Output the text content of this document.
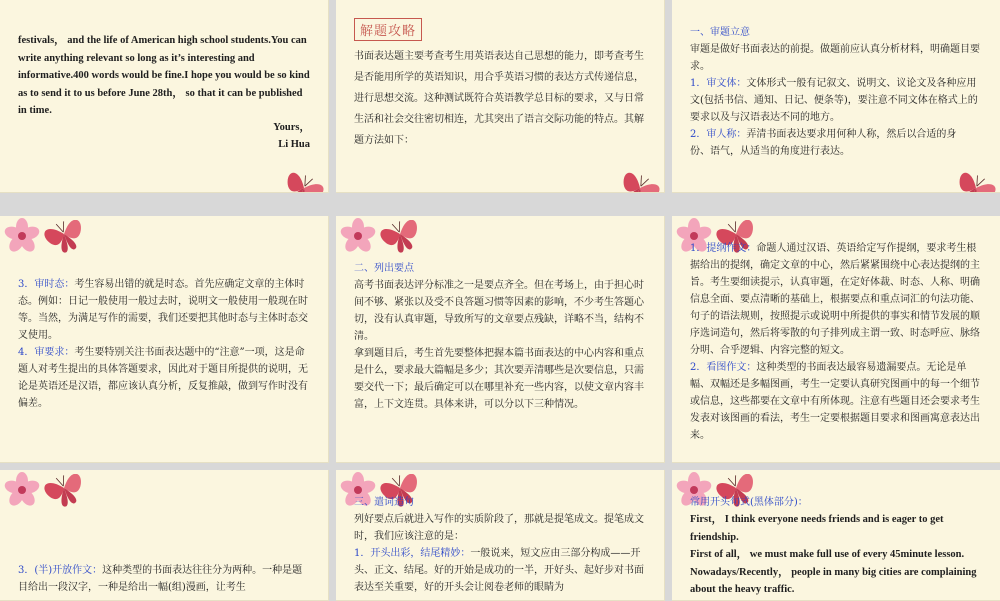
festivals， and the life of American high school students.You can write anything relevant so long as it’s interesting and informative.400 words would be fine.I hope you would be so kind as to send it to us before June 28th， so that it can be published in time.
Yours，
Li Hua
解题攻略
书面表达题主要考查考生用英语表达自己思想的能力，即考查考生是否能用所学的英语知识，用合乎英语习惯的表达方式传递信息，进行思想交流。这种测试既符合英语教学总目标的要求，又与日常生活和社会交往密切相连，尤其突出了语言交际功能的特点。其解题方法如下：
一、审题立意
审题是做好书面表达的前提。做题前应认真分析材料，明确题目要求。
1．审文体：文体形式一般有记叙文、说明文、议论文及各种应用文(包括书信、通知、日记、便条等)，要注意不同文体在格式上的要求以及与汉语表达不同的地方。
2．审人称：弄清书面表达要求用何种人称，然后以合适的身
份、语气，从适当的角度进行表达。
3．审时态：考生容易出错的就是时态。首先应确定文章的主体时态。例如：日记一般使用一般过去时，说明文一般使用一般现在时等。当然，为满足写作的需要，我们还要把其他时态与主体时态交叉使用。
4．审要求：考生要特别关注书面表达题中的“注意”一项，这是命题人对考生提出的具体答题要求，因此对于题目所提供的说明，无论是英语还是汉语，都应该认真分析，反复推敲，做到写作时没有偏差。
二、列出要点
高考书面表达评分标准之一是要点齐全。但在考场上，由于担心时间不够、紧张以及受不良答题习惯等因素的影响，不少考生答题心切，没有认真审题，导致所写的文章要点残缺，详略不当，结构不清。
拿到题目后，考生首先要整体把握本篇书面表达的中心内容和重点是什么，要求最大篇幅是多少；其次要弄清哪些是次要信息，只需要交代一下；最后确定可以在哪里补充一些内容，以使文章内容丰富，上下文连贯。具体来讲，可以分以下三种情况。
1．提纲作文：命题人通过汉语、英语给定写作提纲，要求考生根据给出的提纲，确定文章的中心，然后紧紧围绕中心表达提纲的主旨。考生要细读提示，认真审题，在定好体裁、时态、人称、明确信息全面、要点清晰的基础上，根据要点和重点词汇的句法功能、句子的语法规则，按照提示或说明中所提供的事实和情节发展的顺序选词造句，然后将零散的句子排列成主谓一致、时态呼应、脉络分明、合乎逻辑、内容完整的短文。
2．看图作文：这种类型的书面表达最容易遗漏要点。无论是单幅、双幅还是多幅图画，考生一定要认真研究图画中的每一个细节或信息，这些都要在文章中有所体现。注意有些题目还会要求考生发表对该图画的看法，考生一定要根据题目要求和图画寓意表达出来。
3．(半)开放作文：这种类型的书面表达往往分为两种。一种是题目给出一段汉字，一种是给出一幅(组)漫画，让考生
三、遣词造句
列好要点后就进入写作的实质阶段了，那就是提笔成文。提笔成文时，我们应该注意的是：
1．开头出彩，结尾精妙：一般说来，短文应由三部分构成——开头、正文、结尾。好的开始是成功的一半，开好头、起好步对书面表达至关重要，好的开头会让阅卷老师的眼睛为
常用开头句式(黑体部分)：
First， I think everyone needs friends and is eager to get friendship.
First of all， we must make full use of every 45minute lesson.
Nowadays/Recently， people in many big cities are complaining about the heavy traffic.
